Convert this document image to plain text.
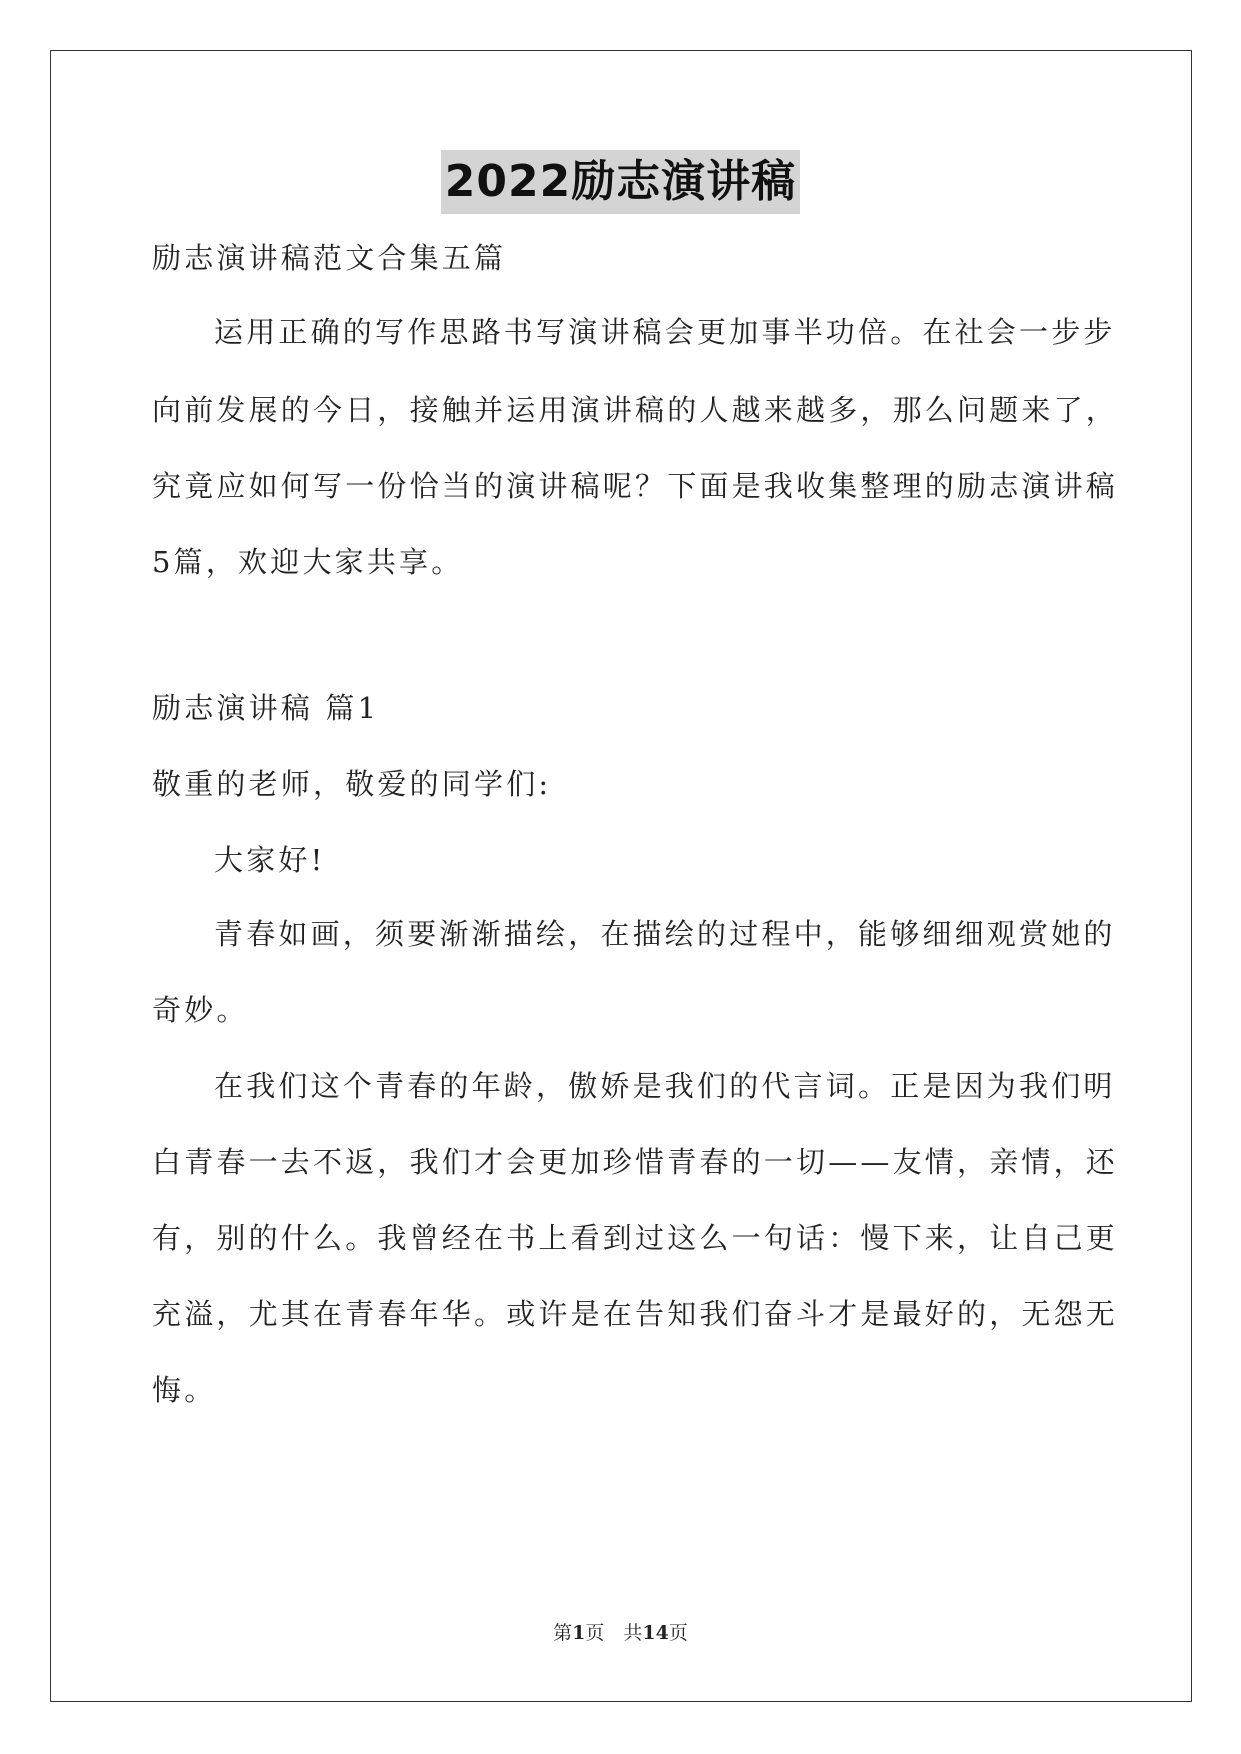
2022励志演讲稿
励志演讲稿范文合集五篇
运用正确的写作思路书写演讲稿会更加事半功倍。在社会一步步
向前发展的今日，接触并运用演讲稿的人越来越多，那么问题来了，
究竟应如何写一份恰当的演讲稿呢？下面是我收集整理的励志演讲稿
5篇，欢迎大家共享。
励志演讲稿 篇1
敬重的老师，敬爱的同学们:
大家好!
青春如画，须要渐渐描绘，在描绘的过程中，能够细细观赏她的
奇妙。
在我们这个青春的年龄，傲娇是我们的代言词。正是因为我们明
白青春一去不返，我们才会更加珍惜青春的一切——友情，亲情，还
有，别的什么。我曾经在书上看到过这么一句话：慢下来，让自己更
充溢，尤其在青春年华。或许是在告知我们奋斗才是最好的，无怨无
悔。
第1页　共14页
